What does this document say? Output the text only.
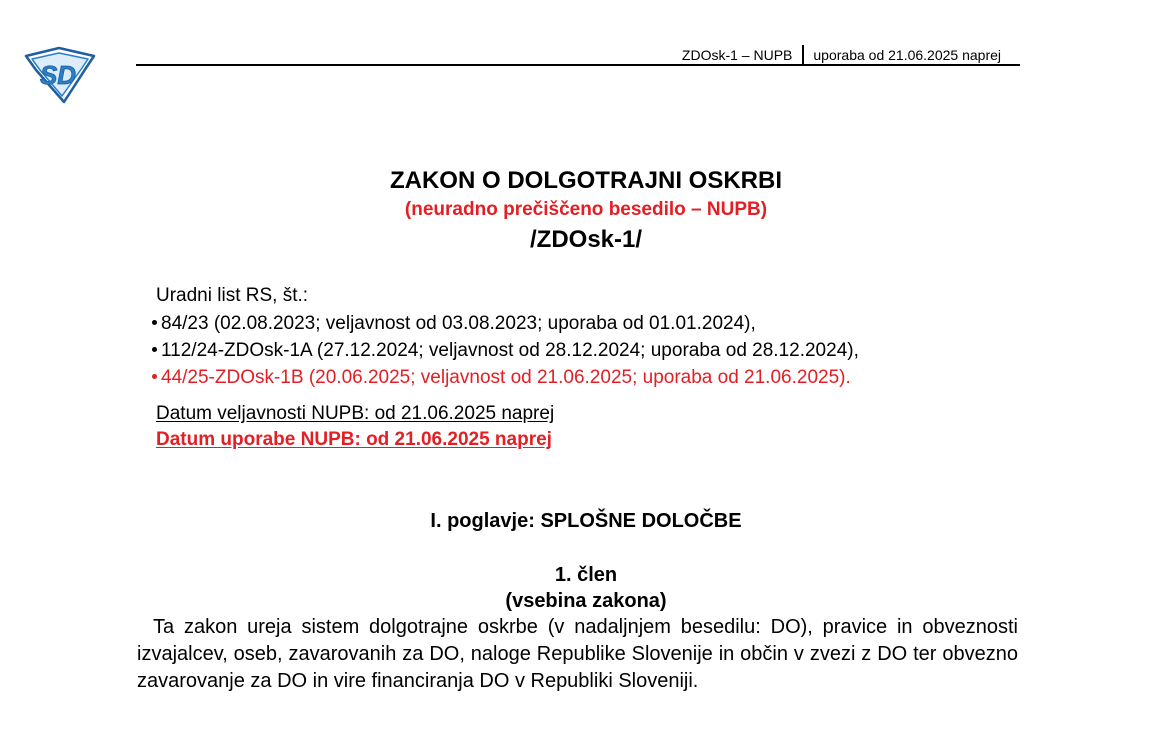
SD
ZDOsk-1 – NUPB uporaba od 21.06.2025 naprej
ZAKON O DOLGOTRAJNI OSKRBI
(neuradno prečiščeno besedilo – NUPB)
/ZDOsk-1/
Uradni list RS, št.:
84/23 (02.08.2023; veljavnost od 03.08.2023; uporaba od 01.01.2024),
112/24-ZDOsk-1A (27.12.2024; veljavnost od 28.12.2024; uporaba od 28.12.2024),
44/25-ZDOsk-1B (20.06.2025; veljavnost od 21.06.2025; uporaba od 21.06.2025).
Datum veljavnosti NUPB: od 21.06.2025 naprej
Datum uporabe NUPB: od 21.06.2025 naprej
I. poglavje: SPLOŠNE DOLOČBE
1. člen
(vsebina zakona)

Ta zakon ureja sistem dolgotrajne oskrbe (v nadaljnjem besedilu: DO), pravice in obveznosti izvajalcev, oseb, zavarovanih za DO, naloge Republike Slovenije in občin v zvezi z DO ter obvezno zavarovanje za DO in vire financiranja DO v Republiki Sloveniji.
